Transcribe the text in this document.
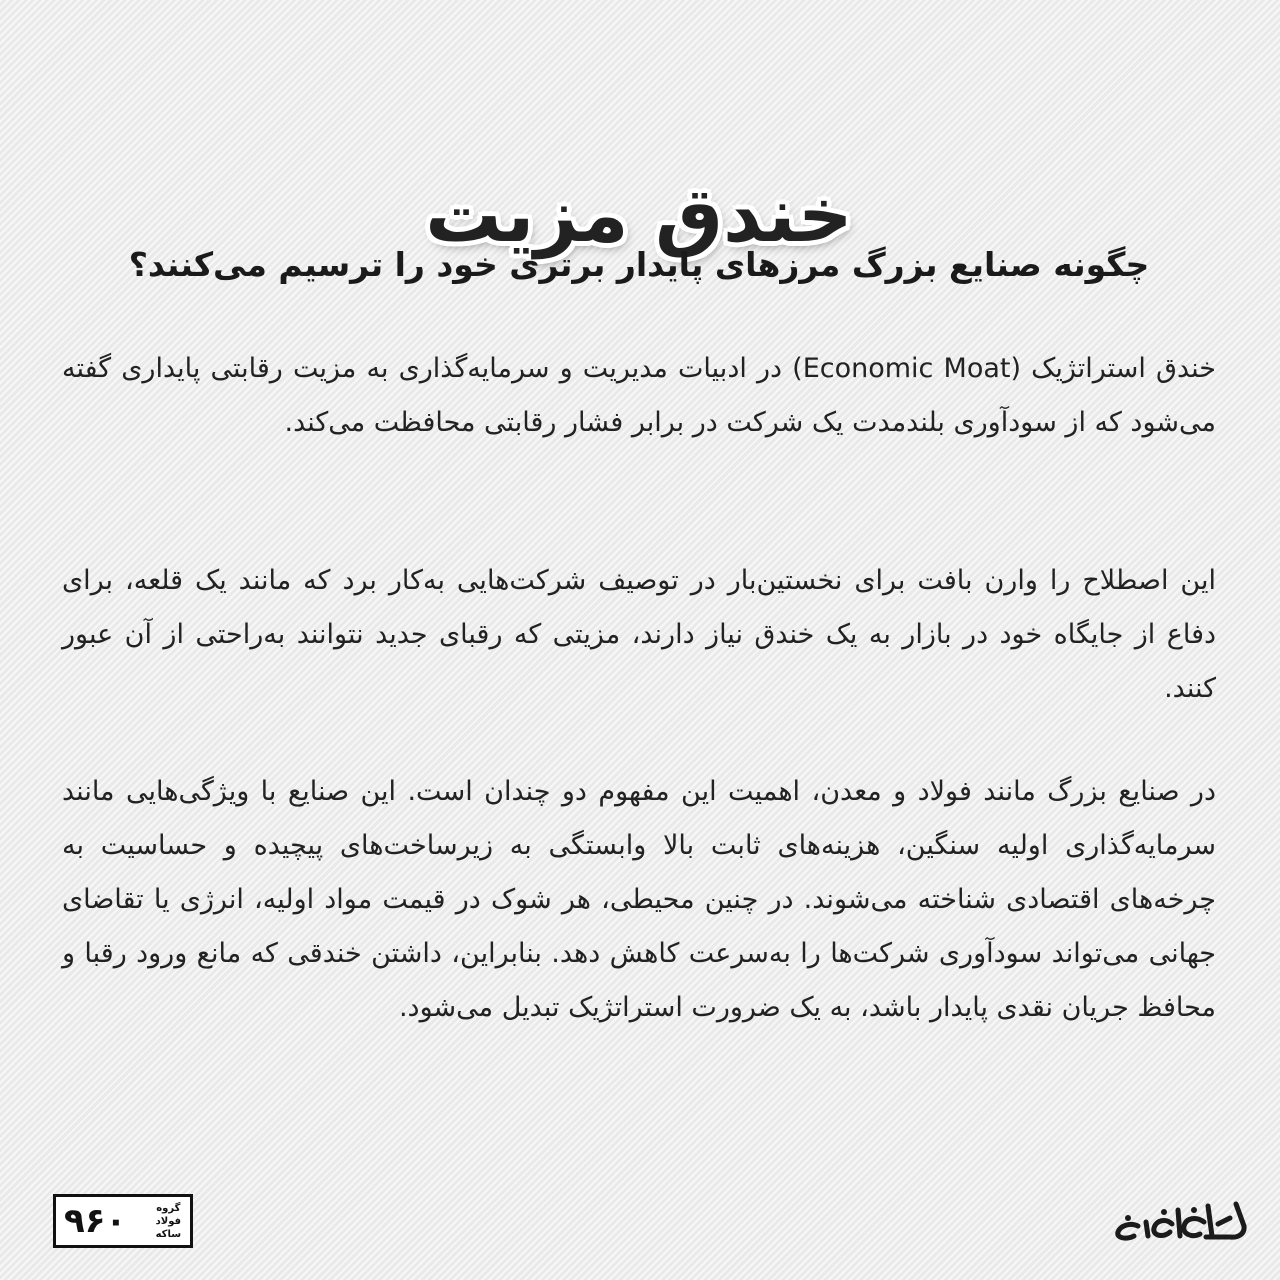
خندق مزیت
چگونه صنایع بزرگ مرزهای پایدار برتری خود را ترسیم می‌کنند؟

خندق استراتژیک (Economic Moat) در ادبیات مدیریت و سرمایه‌گذاری به مزیت رقابتی پایداری گفته می‌شود که از سودآوری بلندمدت یک شرکت در برابر فشار رقابتی محافظت می‌کند.

این اصطلاح را وارن بافت برای نخستین‌بار در توصیف شرکت‌هایی به‌کار برد که مانند یک قلعه، برای دفاع از جایگاه خود در بازار به یک خندق نیاز دارند، مزیتی که رقبای جدید نتوانند به‌راحتی از آن عبور کنند.

در صنایع بزرگ مانند فولاد و معدن، اهمیت این مفهوم دو چندان است. این صنایع با ویژگی‌هایی مانند سرمایه‌گذاری اولیه سنگین، هزینه‌های ثابت بالا وابستگی به زیرساخت‌های پیچیده و حساسیت به چرخه‌های اقتصادی شناخته می‌شوند. در چنین محیطی، هر شوک در قیمت مواد اولیه، انرژی یا تقاضای جهانی می‌تواند سودآوری شرکت‌ها را به‌سرعت کاهش دهد. بنابراین، داشتن خندقی که مانع ورود رقبا و محافظ جریان نقدی پایدار باشد، به یک ضرورت استراتژیک تبدیل می‌شود.

۹۶۰	گروه فولاد ساکه
